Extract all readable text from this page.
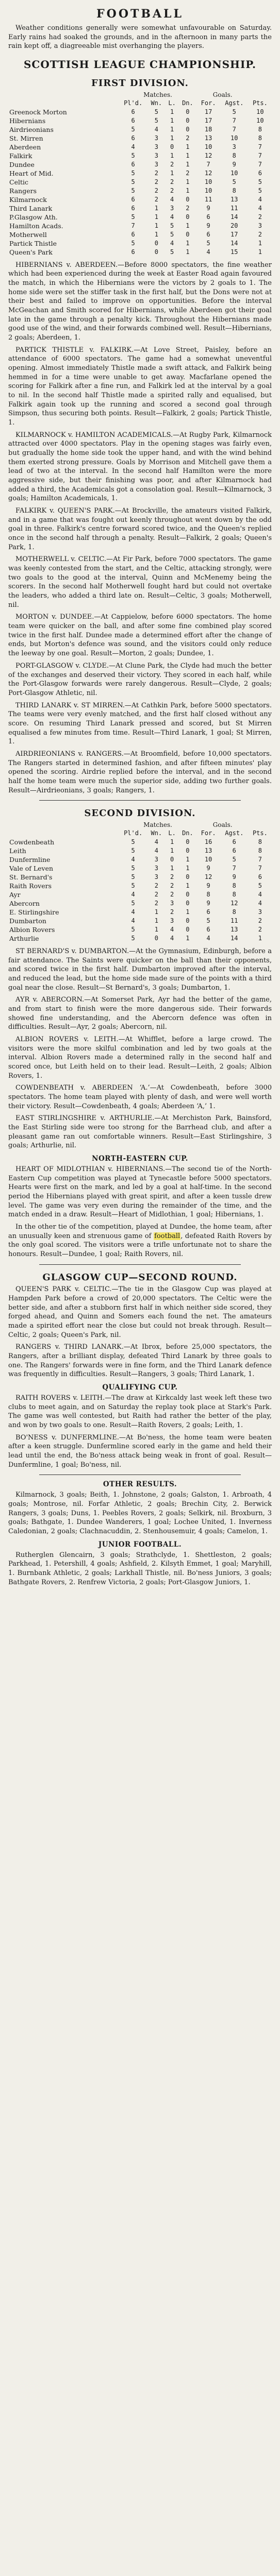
FOOTBALL

Weather conditions generally were somewhat unfavourable on Saturday. Early rains had soaked the grounds, and in the afternoon in many parts the rain kept off, a diagreeable mist overhanging the players.

SCOTTISH LEAGUE CHAMPIONSHIP.
FIRST DIVISION.
	Matches.				Goals.		
	Pl'd.	Wn.	L.	Dn.	For.	Agst.	Pts.
Greenock Morton	6	5	1	0	17	5	10
Hibernians	6	5	1	0	17	7	10
Airdrieonians	5	4	1	0	18	7	8
St. Mirren	6	3	1	2	13	10	8
Aberdeen	4	3	0	1	10	3	7
Falkirk	5	3	1	1	12	8	7
Dundee	6	3	2	1	7	9	7
Heart of Mid.	5	2	1	2	12	10	6
Celtic	5	2	2	1	10	5	5
Rangers	5	2	2	1	10	8	5
Kilmarnock	6	2	4	0	11	13	4
Third Lanark	6	1	3	2	9	11	4
P.Glasgow Ath.	5	1	4	0	6	14	2
Hamilton Acads.	7	1	5	1	9	20	3
Motherwell	6	1	5	0	6	17	2
Partick Thistle	5	0	4	1	5	14	1
Queen's Park	6	0	5	1	4	15	1

HIBERNIANS v. ABERDEEN.—Before 8000 spectators, the fine weather which had been experienced during the week at Easter Road again favoured the match, in which the Hibernians were the victors by 2 goals to 1. The home side were set the stiffer task in the first half, but the Dons were not at their best and failed to improve on opportunities. Before the interval McGeachan and Smith scored for Hibernians, while Aberdeen got their goal late in the game through a penalty kick. Throughout the Hibernians made good use of the wind, and their forwards combined well. Result—Hibernians, 2 goals; Aberdeen, 1.

PARTICK THISTLE v. FALKIRK.—At Love Street, Paisley, before an attendance of 6000 spectators. The game had a somewhat uneventful opening. Almost immediately Thistle made a swift attack, and Falkirk being hemmed in for a time were unable to get away. Macfarlane opened the scoring for Falkirk after a fine run, and Falkirk led at the interval by a goal to nil. In the second half Thistle made a spirited rally and equalised, but Falkirk again took up the running and scored a second goal through Simpson, thus securing both points. Result—Falkirk, 2 goals; Partick Thistle, 1.

KILMARNOCK v. HAMILTON ACADEMICALS.—At Rugby Park, Kilmarnock attracted over 4000 spectators. Play in the opening stages was fairly even, but gradually the home side took the upper hand, and with the wind behind them exerted strong pressure. Goals by Morrison and Mitchell gave them a lead of two at the interval. In the second half Hamilton were the more aggressive side, but their finishing was poor, and after Kilmarnock had added a third, the Academicals got a consolation goal. Result—Kilmarnock, 3 goals; Hamilton Academicals, 1.

FALKIRK v. QUEEN'S PARK.—At Brockville, the amateurs visited Falkirk, and in a game that was fought out keenly throughout went down by the odd goal in three. Falkirk's centre forward scored twice, and the Queen's replied once in the second half through a penalty. Result—Falkirk, 2 goals; Queen's Park, 1.

MOTHERWELL v. CELTIC.—At Fir Park, before 7000 spectators. The game was keenly contested from the start, and the Celtic, attacking strongly, were two goals to the good at the interval, Quinn and McMenemy being the scorers. In the second half Motherwell fought hard but could not overtake the leaders, who added a third late on. Result—Celtic, 3 goals; Motherwell, nil.

MORTON v. DUNDEE.—At Cappielow, before 6000 spectators. The home team were quicker on the ball, and after some fine combined play scored twice in the first half. Dundee made a determined effort after the change of ends, but Morton's defence was sound, and the visitors could only reduce the leeway by one goal. Result—Morton, 2 goals; Dundee, 1.

PORT-GLASGOW v. CLYDE.—At Clune Park, the Clyde had much the better of the exchanges and deserved their victory. They scored in each half, while the Port-Glasgow forwards were rarely dangerous. Result—Clyde, 2 goals; Port-Glasgow Athletic, nil.

THIRD LANARK v. ST MIRREN.—At Cathkin Park, before 5000 spectators. The teams were very evenly matched, and the first half closed without any score. On resuming Third Lanark pressed and scored, but St Mirren equalised a few minutes from time. Result—Third Lanark, 1 goal; St Mirren, 1.

AIRDRIEONIANS v. RANGERS.—At Broomfield, before 10,000 spectators. The Rangers started in determined fashion, and after fifteen minutes' play opened the scoring. Airdrie replied before the interval, and in the second half the home team were much the superior side, adding two further goals. Result—Airdrieonians, 3 goals; Rangers, 1.

SECOND DIVISION.
	Matches.				Goals.		
	Pl'd.	Wn.	L.	Dn.	For.	Agst.	Pts.
Cowdenbeath	5	4	1	0	16	6	8
Leith	5	4	1	0	13	6	8
Dunfermline	4	3	0	1	10	5	7
Vale of Leven	5	3	1	1	9	7	7
St. Bernard's	5	3	2	0	12	9	6
Raith Rovers	5	2	2	1	9	8	5
Ayr	4	2	2	0	8	8	4
Abercorn	5	2	3	0	9	12	4
E. Stirlingshire	4	1	2	1	6	8	3
Dumbarton	4	1	3	0	5	11	2
Albion Rovers	5	1	4	0	6	13	2
Arthurlie	5	0	4	1	4	14	1

ST BERNARD'S v. DUMBARTON.—At the Gymnasium, Edinburgh, before a fair attendance. The Saints were quicker on the ball than their opponents, and scored twice in the first half. Dumbarton improved after the interval, and reduced the lead, but the home side made sure of the points with a third goal near the close. Result—St Bernard's, 3 goals; Dumbarton, 1.

AYR v. ABERCORN.—At Somerset Park, Ayr had the better of the game, and from start to finish were the more dangerous side. Their forwards showed fine understanding, and the Abercorn defence was often in difficulties. Result—Ayr, 2 goals; Abercorn, nil.

ALBION ROVERS v. LEITH.—At Whifflet, before a large crowd. The visitors were the more skilful combination and led by two goals at the interval. Albion Rovers made a determined rally in the second half and scored once, but Leith held on to their lead. Result—Leith, 2 goals; Albion Rovers, 1.

COWDENBEATH v. ABERDEEN ‘A.’—At Cowdenbeath, before 3000 spectators. The home team played with plenty of dash, and were well worth their victory. Result—Cowdenbeath, 4 goals; Aberdeen ‘A,’ 1.

EAST STIRLINGSHIRE v. ARTHURLIE.—At Merchiston Park, Bainsford, the East Stirling side were too strong for the Barrhead club, and after a pleasant game ran out comfortable winners. Result—East Stirlingshire, 3 goals; Arthurlie, nil.

NORTH-EASTERN CUP.

HEART OF MIDLOTHIAN v. HIBERNIANS.—The second tie of the North-Eastern Cup competition was played at Tynecastle before 5000 spectators. Hearts were first on the mark, and led by a goal at half-time. In the second period the Hibernians played with great spirit, and after a keen tussle drew level. The game was very even during the remainder of the time, and the match ended in a draw. Result—Heart of Midlothian, 1 goal; Hibernians, 1.

In the other tie of the competition, played at Dundee, the home team, after an unusually keen and strenuous game of football, defeated Raith Rovers by the only goal scored. The visitors were a trifle unfortunate not to share the honours. Result—Dundee, 1 goal; Raith Rovers, nil.

GLASGOW CUP—SECOND ROUND.

QUEEN'S PARK v. CELTIC.—The tie in the Glasgow Cup was played at Hampden Park before a crowd of 20,000 spectators. The Celtic were the better side, and after a stubborn first half in which neither side scored, they forged ahead, and Quinn and Somers each found the net. The amateurs made a spirited effort near the close but could not break through. Result—Celtic, 2 goals; Queen's Park, nil.

RANGERS v. THIRD LANARK.—At Ibrox, before 25,000 spectators, the Rangers, after a brilliant display, defeated Third Lanark by three goals to one. The Rangers' forwards were in fine form, and the Third Lanark defence was frequently in difficulties. Result—Rangers, 3 goals; Third Lanark, 1.

QUALIFYING CUP.

RAITH ROVERS v. LEITH.—The draw at Kirkcaldy last week left these two clubs to meet again, and on Saturday the replay took place at Stark's Park. The game was well contested, but Raith had rather the better of the play, and won by two goals to one. Result—Raith Rovers, 2 goals; Leith, 1.

BO'NESS v. DUNFERMLINE.—At Bo'ness, the home team were beaten after a keen struggle. Dunfermline scored early in the game and held their lead until the end, the Bo'ness attack being weak in front of goal. Result—Dunfermline, 1 goal; Bo'ness, nil.

OTHER RESULTS.

Kilmarnock, 3 goals; Beith, 1. Johnstone, 2 goals; Galston, 1. Arbroath, 4 goals; Montrose, nil. Forfar Athletic, 2 goals; Brechin City, 2. Berwick Rangers, 3 goals; Duns, 1. Peebles Rovers, 2 goals; Selkirk, nil. Broxburn, 3 goals; Bathgate, 1. Dundee Wanderers, 1 goal; Lochee United, 1. Inverness Caledonian, 2 goals; Clachnacuddin, 2. Stenhousemuir, 4 goals; Camelon, 1.

JUNIOR FOOTBALL.

Rutherglen Glencairn, 3 goals; Strathclyde, 1. Shettleston, 2 goals; Parkhead, 1. Petershill, 4 goals; Ashfield, 2. Kilsyth Emmet, 1 goal; Maryhill, 1. Burnbank Athletic, 2 goals; Larkhall Thistle, nil. Bo'ness Juniors, 3 goals; Bathgate Rovers, 2. Renfrew Victoria, 2 goals; Port-Glasgow Juniors, 1.
